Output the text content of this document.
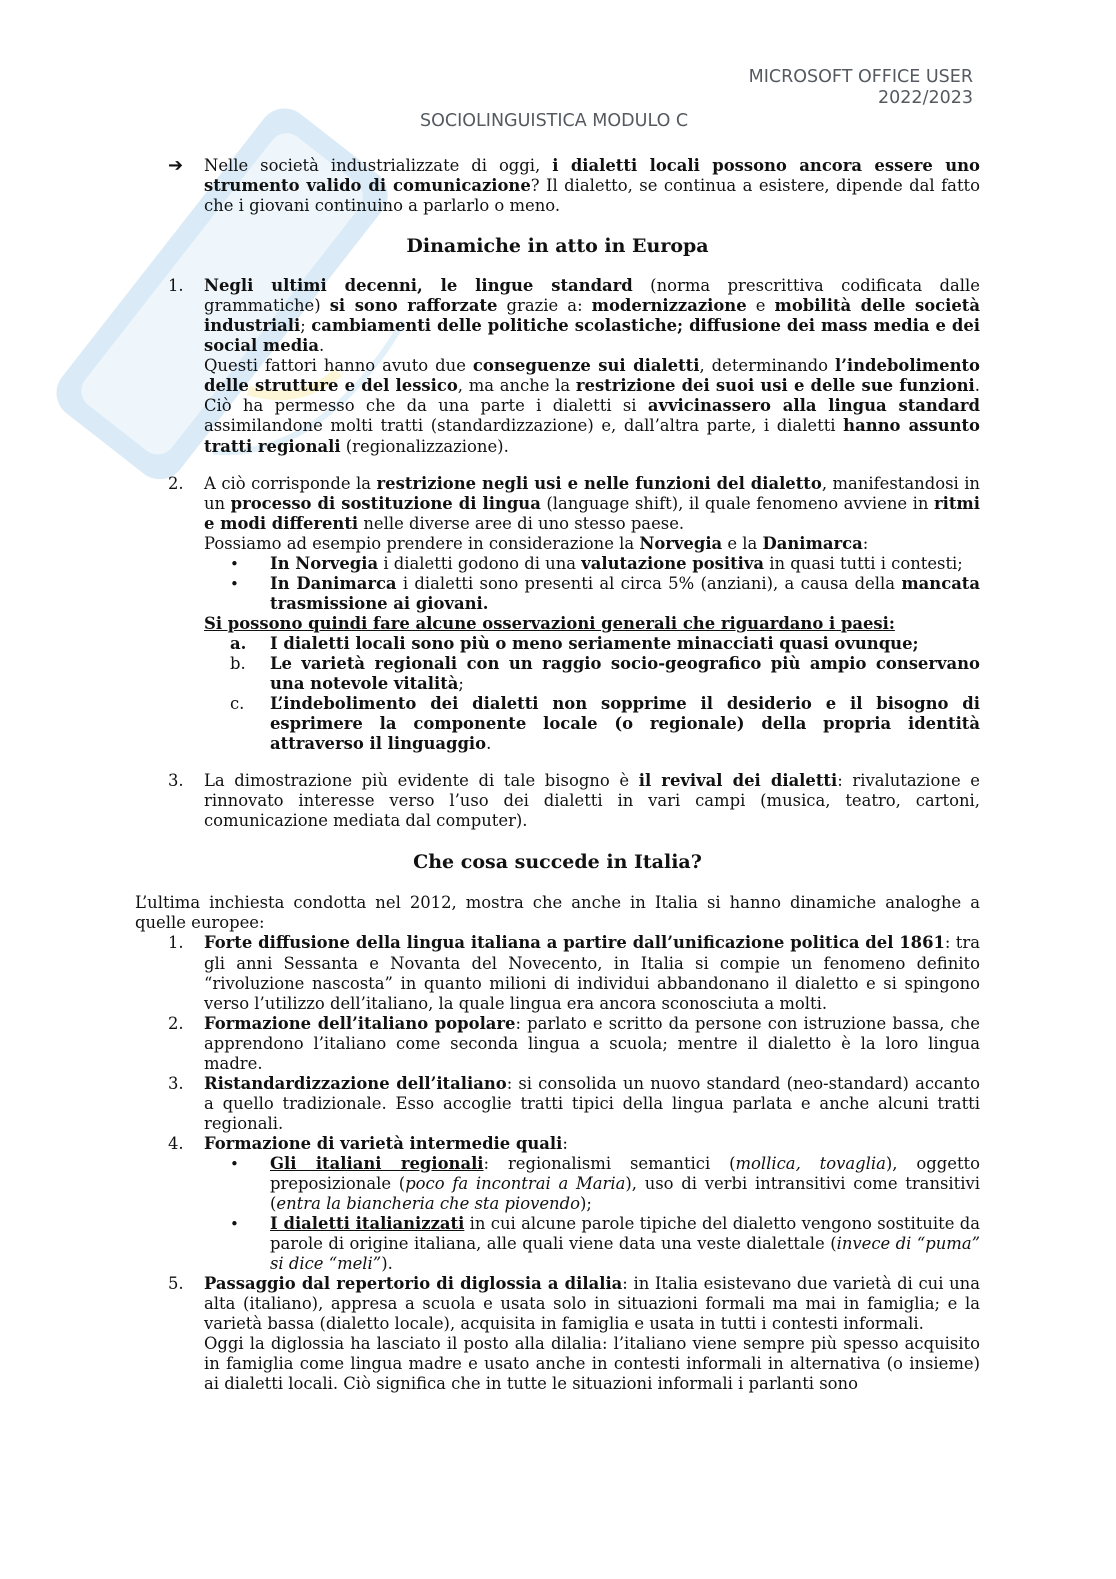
MICROSOFT OFFICE USER
2022/2023
SOCIOLINGUISTICA MODULO C
➔ Nelle società industrializzate di oggi, i dialetti locali possono ancora essere uno strumento valido di comunicazione? Il dialetto, se continua a esistere, dipende dal fatto che i giovani continuino a parlarlo o meno.
Dinamiche in atto in Europa
1. Negli ultimi decenni, le lingue standard (norma prescrittiva codificata dalle grammatiche) si sono rafforzate grazie a: modernizzazione e mobilità delle società industriali; cambiamenti delle politiche scolastiche; diffusione dei mass media e dei social media.
Questi fattori hanno avuto due conseguenze sui dialetti, determinando l’indebolimento delle strutture e del lessico, ma anche la restrizione dei suoi usi e delle sue funzioni. Ciò ha permesso che da una parte i dialetti si avvicinassero alla lingua standard assimilandone molti tratti (standardizzazione) e, dall’altra parte, i dialetti hanno assunto tratti regionali (regionalizzazione).
2. A ciò corrisponde la restrizione negli usi e nelle funzioni del dialetto, manifestandosi in un processo di sostituzione di lingua (language shift), il quale fenomeno avviene in ritmi e modi differenti nelle diverse aree di uno stesso paese.
Possiamo ad esempio prendere in considerazione la Norvegia e la Danimarca:
• In Norvegia i dialetti godono di una valutazione positiva in quasi tutti i contesti;
• In Danimarca i dialetti sono presenti al circa 5% (anziani), a causa della mancata trasmissione ai giovani.
Si possono quindi fare alcune osservazioni generali che riguardano i paesi:
a. I dialetti locali sono più o meno seriamente minacciati quasi ovunque;
b. Le varietà regionali con un raggio socio-geografico più ampio conservano una notevole vitalità;
c. L’indebolimento dei dialetti non sopprime il desiderio e il bisogno di esprimere la componente locale (o regionale) della propria identità attraverso il linguaggio.
3. La dimostrazione più evidente di tale bisogno è il revival dei dialetti: rivalutazione e rinnovato interesse verso l’uso dei dialetti in vari campi (musica, teatro, cartoni, comunicazione mediata dal computer).
Che cosa succede in Italia?
L’ultima inchiesta condotta nel 2012, mostra che anche in Italia si hanno dinamiche analoghe a quelle europee:
1. Forte diffusione della lingua italiana a partire dall’unificazione politica del 1861: tra gli anni Sessanta e Novanta del Novecento, in Italia si compie un fenomeno definito “rivoluzione nascosta” in quanto milioni di individui abbandonano il dialetto e si spingono verso l’utilizzo dell’italiano, la quale lingua era ancora sconosciuta a molti.
2. Formazione dell’italiano popolare: parlato e scritto da persone con istruzione bassa, che apprendono l’italiano come seconda lingua a scuola; mentre il dialetto è la loro lingua madre.
3. Ristandardizzazione dell’italiano: si consolida un nuovo standard (neo-standard) accanto a quello tradizionale. Esso accoglie tratti tipici della lingua parlata e anche alcuni tratti regionali.
4. Formazione di varietà intermedie quali:
• Gli italiani regionali: regionalismi semantici (mollica, tovaglia), oggetto preposizionale (poco fa incontrai a Maria), uso di verbi intransitivi come transitivi (entra la biancheria che sta piovendo);
• I dialetti italianizzati in cui alcune parole tipiche del dialetto vengono sostituite da parole di origine italiana, alle quali viene data una veste dialettale (invece di “puma” si dice “meli”).
5. Passaggio dal repertorio di diglossia a dilalia: in Italia esistevano due varietà di cui una alta (italiano), appresa a scuola e usata solo in situazioni formali ma mai in famiglia; e la varietà bassa (dialetto locale), acquisita in famiglia e usata in tutti i contesti informali.
Oggi la diglossia ha lasciato il posto alla dilalia: l’italiano viene sempre più spesso acquisito in famiglia come lingua madre e usato anche in contesti informali in alternativa (o insieme) ai dialetti locali. Ciò significa che in tutte le situazioni informali i parlanti sono
